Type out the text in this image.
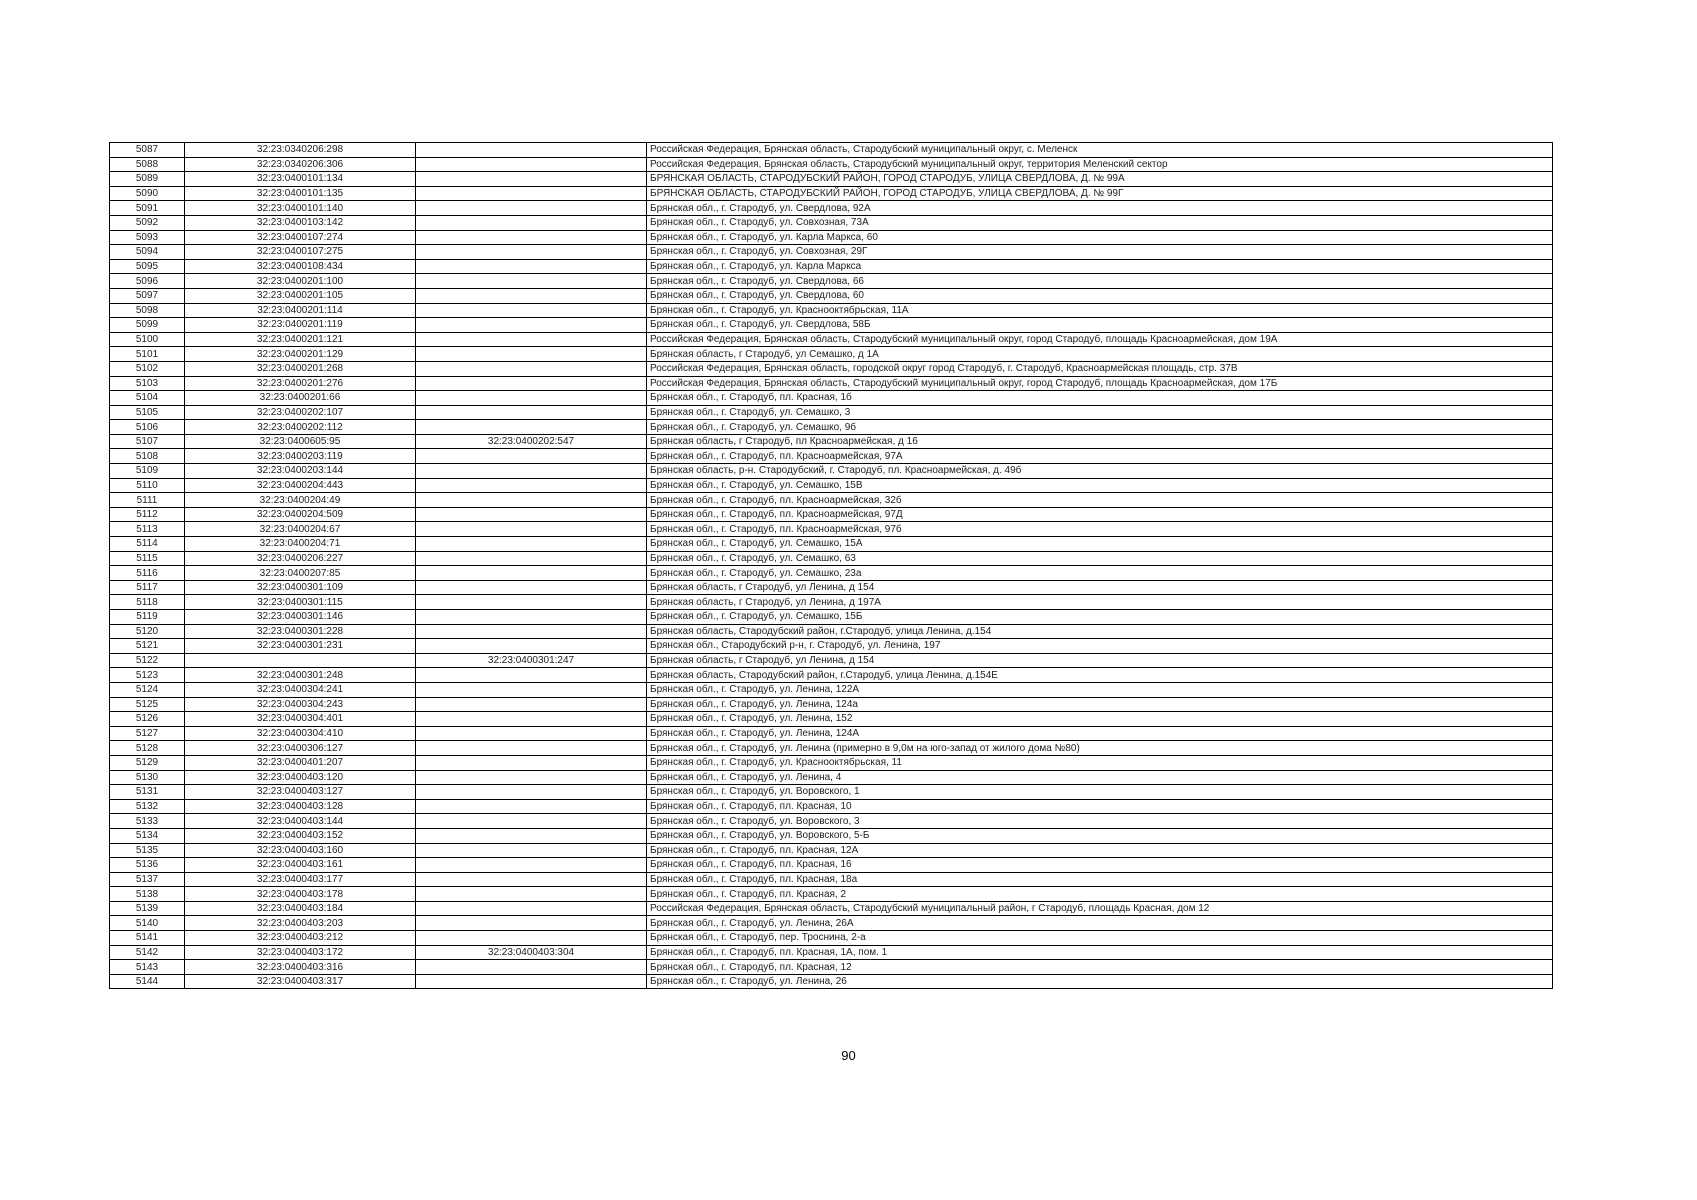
5087	32:23:0340206:298		Российская Федерация, Брянская область, Стародубский муниципальный округ, с. Меленск
5088	32:23:0340206:306		Российская Федерация, Брянская область, Стародубский муниципальный округ, территория Меленский сектор
5089	32:23:0400101:134		БРЯНСКАЯ ОБЛАСТЬ, СТАРОДУБСКИЙ РАЙОН, ГОРОД СТАРОДУБ, УЛИЦА СВЕРДЛОВА, Д. № 99А
5090	32:23:0400101:135		БРЯНСКАЯ ОБЛАСТЬ, СТАРОДУБСКИЙ РАЙОН, ГОРОД СТАРОДУБ, УЛИЦА СВЕРДЛОВА, Д. № 99Г
5091	32:23:0400101:140		Брянская обл., г. Стародуб, ул. Свердлова, 92А
5092	32:23:0400103:142		Брянская обл., г. Стародуб, ул. Совхозная, 73А
5093	32:23:0400107:274		Брянская обл., г. Стародуб, ул. Карла Маркса, 60
5094	32:23:0400107:275		Брянская обл., г. Стародуб, ул. Совхозная, 29Г
5095	32:23:0400108:434		Брянская обл., г. Стародуб, ул. Карла Маркса
5096	32:23:0400201:100		Брянская обл., г. Стародуб, ул. Свердлова, 66
5097	32:23:0400201:105		Брянская обл., г. Стародуб, ул. Свердлова, 60
5098	32:23:0400201:114		Брянская обл., г. Стародуб, ул. Краснооктябрьская, 11А
5099	32:23:0400201:119		Брянская обл., г. Стародуб, ул. Свердлова, 58Б
5100	32:23:0400201:121		Российская Федерация, Брянская область, Стародубский муниципальный округ, город Стародуб, площадь Красноармейская, дом 19А
5101	32:23:0400201:129		Брянская область, г Стародуб, ул Семашко, д 1А
5102	32:23:0400201:268		Российская Федерация, Брянская область, городской округ город Стародуб, г. Стародуб, Красноармейская площадь, стр. 37В
5103	32:23:0400201:276		Российская Федерация, Брянская область, Стародубский муниципальный округ, город Стародуб, площадь Красноармейская, дом 17Б
5104	32:23:0400201:66		Брянская обл., г. Стародуб, пл. Красная, 1б
5105	32:23:0400202:107		Брянская обл., г. Стародуб, ул. Семашко, 3
5106	32:23:0400202:112		Брянская обл., г. Стародуб, ул. Семашко, 9б
5107	32:23:0400605:95	32:23:0400202:547	Брянская область, г Стародуб, пл Красноармейская, д 16
5108	32:23:0400203:119		Брянская обл., г. Стародуб, пл. Красноармейская, 97А
5109	32:23:0400203:144		Брянская область, р-н. Стародубский, г. Стародуб, пл. Красноармейская, д. 49б
5110	32:23:0400204:443		Брянская обл., г. Стародуб, ул. Семашко, 15В
5111	32:23:0400204:49		Брянская обл., г. Стародуб, пл. Красноармейская, 32б
5112	32:23:0400204:509		Брянская обл., г. Стародуб, пл. Красноармейская, 97Д
5113	32:23:0400204:67		Брянская обл., г. Стародуб, пл. Красноармейская, 97б
5114	32:23:0400204:71		Брянская обл., г. Стародуб, ул. Семашко, 15А
5115	32:23:0400206:227		Брянская обл., г. Стародуб, ул. Семашко, 63
5116	32:23:0400207:85		Брянская обл., г. Стародуб, ул. Семашко, 23а
5117	32:23:0400301:109		Брянская область, г Стародуб, ул Ленина, д 154
5118	32:23:0400301:115		Брянская область, г Стародуб, ул Ленина, д 197А
5119	32:23:0400301:146		Брянская обл., г. Стародуб, ул. Семашко, 15Б
5120	32:23:0400301:228		Брянская область, Стародубский район, г.Стародуб, улица Ленина, д.154
5121	32:23:0400301:231		Брянская обл., Стародубский р-н, г. Стародуб, ул. Ленина, 197
5122		32:23:0400301:247	Брянская область, г Стародуб, ул Ленина, д 154
5123	32:23:0400301:248		Брянская область, Стародубский район, г.Стародуб, улица Ленина, д.154Е
5124	32:23:0400304:241		Брянская обл., г. Стародуб, ул. Ленина, 122А
5125	32:23:0400304:243		Брянская обл., г. Стародуб, ул. Ленина, 124а
5126	32:23:0400304:401		Брянская обл., г. Стародуб, ул. Ленина, 152
5127	32:23:0400304:410		Брянская обл., г. Стародуб, ул. Ленина, 124А
5128	32:23:0400306:127		Брянская обл., г. Стародуб, ул. Ленина (примерно в 9,0м на юго-запад от жилого дома №80)
5129	32:23:0400401:207		Брянская обл., г. Стародуб, ул. Краснооктябрьская, 11
5130	32:23:0400403:120		Брянская обл., г. Стародуб, ул. Ленина, 4
5131	32:23:0400403:127		Брянская обл., г. Стародуб, ул. Воровского, 1
5132	32:23:0400403:128		Брянская обл., г. Стародуб, пл. Красная, 10
5133	32:23:0400403:144		Брянская обл., г. Стародуб, ул. Воровского, 3
5134	32:23:0400403:152		Брянская обл., г. Стародуб, ул. Воровского, 5-Б
5135	32:23:0400403:160		Брянская обл., г. Стародуб, пл. Красная, 12А
5136	32:23:0400403:161		Брянская обл., г. Стародуб, пл. Красная, 16
5137	32:23:0400403:177		Брянская обл., г. Стародуб, пл. Красная, 18а
5138	32:23:0400403:178		Брянская обл., г. Стародуб, пл. Красная, 2
5139	32:23:0400403:184		Российская Федерация, Брянская область, Стародубский муниципальный район, г Стародуб, площадь Красная, дом 12
5140	32:23:0400403:203		Брянская обл., г. Стародуб, ул. Ленина, 26А
5141	32:23:0400403:212		Брянская обл., г. Стародуб, пер. Троснина, 2-а
5142	32:23:0400403:172	32:23:0400403:304	Брянская обл., г. Стародуб, пл. Красная, 1А, пом. 1
5143	32:23:0400403:316		Брянская обл., г. Стародуб, пл. Красная, 12
5144	32:23:0400403:317		Брянская обл., г. Стародуб, ул. Ленина, 26
90
